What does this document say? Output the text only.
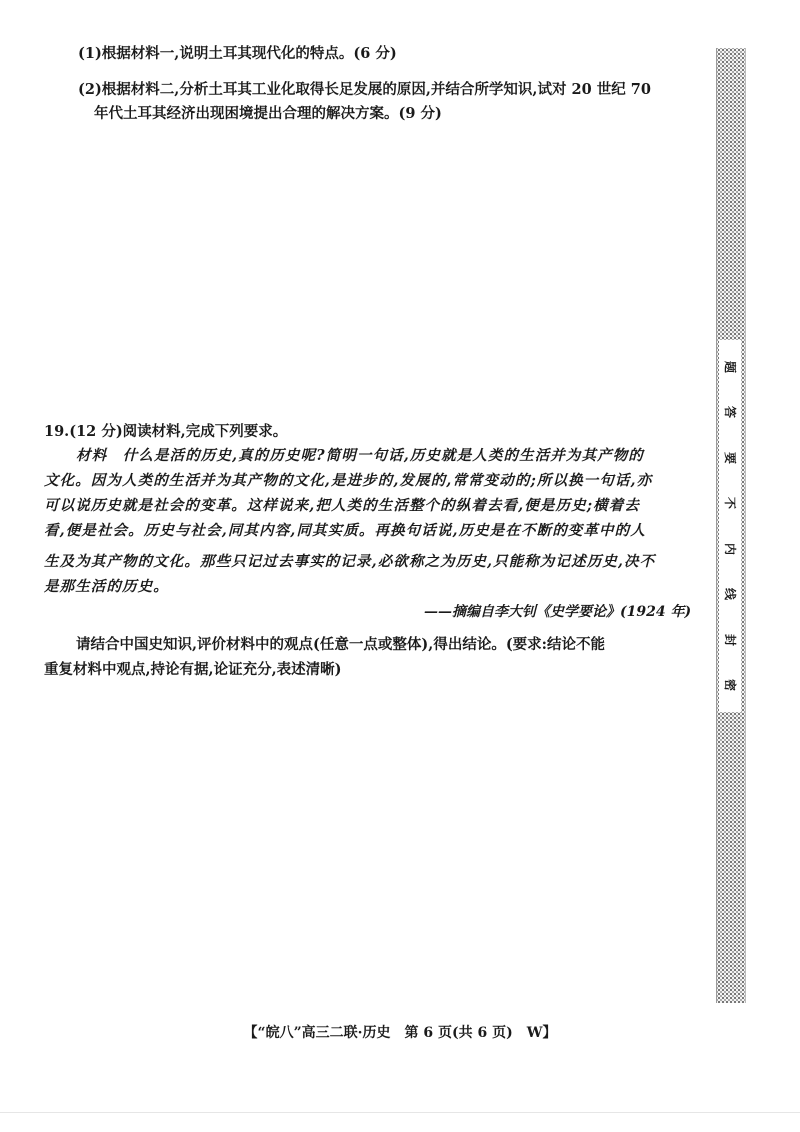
(1)根据材料一,说明土耳其现代化的特点。(6 分)
(2)根据材料二,分析土耳其工业化取得长足发展的原因,并结合所学知识,试对 20 世纪 70
年代土耳其经济出现困境提出合理的解决方案。(9 分)
19.(12 分)阅读材料,完成下列要求。
材料　什么是活的历史,真的历史呢?简明一句话,历史就是人类的生活并为其产物的
文化。因为人类的生活并为其产物的文化,是进步的,发展的,常常变动的;所以换一句话,亦
可以说历史就是社会的变革。这样说来,把人类的生活整个的纵着去看,便是历史;横着去
看,便是社会。历史与社会,同其内容,同其实质。再换句话说,历史是在不断的变革中的人
生及为其产物的文化。那些只记过去事实的记录,必欲称之为历史,只能称为记述历史,决不
是那生活的历史。
——摘编自李大钊《史学要论》(1924 年)
请结合中国史知识,评价材料中的观点(任意一点或整体),得出结论。(要求:结论不能
重复材料中观点,持论有据,论证充分,表述清晰)
题
答
要
不
内
线
封
密
【“皖八”高三二联·历史　第 6 页(共 6 页)　W】
